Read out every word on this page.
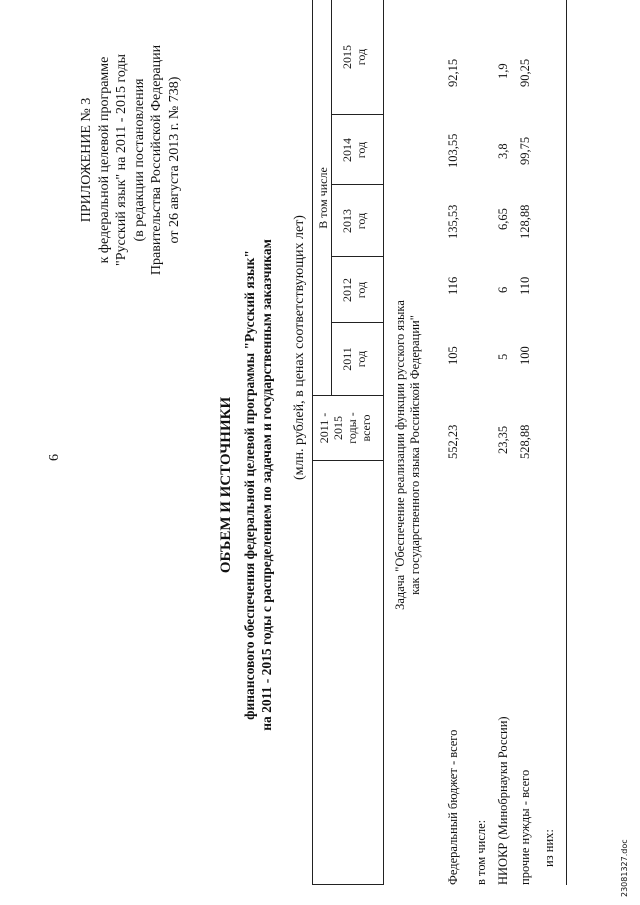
6
ПРИЛОЖЕНИЕ № 3 к федеральной целевой программе "Русский язык" на 2011 - 2015 годы (в редакции постановления Правительства Российской Федерации от 26 августа 2013 г. № 738)
ОБЪЕМ И ИСТОЧНИКИ финансового обеспечения федеральной целевой программы "Русский язык" на 2011 - 2015 годы с распределением по задачам и государственным заказчикам (млн. рублей, в ценах соответствующих лет) 2011 - 2015 годы - всего
В том числе
2011 год
2012 год
2013 год
2014 год
2015 год
Задача "Обеспечение реализации функции русского языка как государственного языка Российской Федерации"
Федеральный бюджет - всего
552,23
105
116
135,53
103,55
92,15
в том числе: НИОКР (Минобрнауки России)
23,35
5
6
6,65
3,8
1,9
прочие нужды - всего
528,88
100
110
128,88
99,75
90,25
из них:	23081327.doc
